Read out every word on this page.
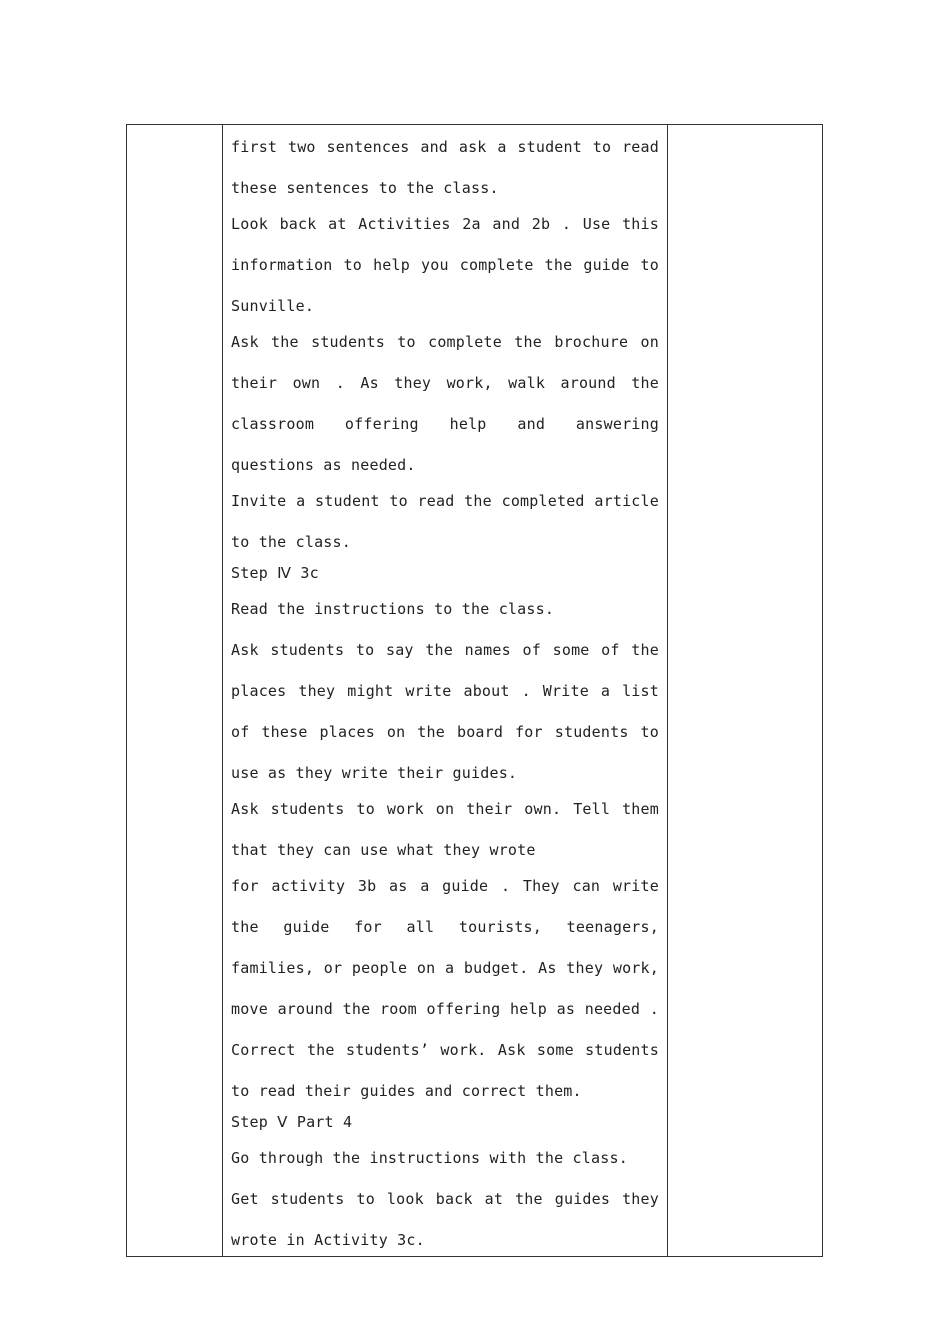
first two sentences and ask a student to read these sentences to the class.

Look back at Activities 2a and 2b . Use this information to help you complete the guide to Sunville.

Ask the students to complete the brochure on their own . As they work, walk around the classroom offering help and answering questions as needed.

Invite a student to read the completed article to the class.

Step Ⅳ 3c

Read the instructions to the class.

Ask students to say the names of some of the places they might write about . Write a list of these places on the board for students to use as they write their guides.

Ask students to work on their own. Tell them that they can use what they wrote

for activity 3b as a guide . They can write the guide for all tourists, teenagers, families, or people on a budget. As they work, move around the room offering help as needed . Correct the students’ work. Ask some students to read their guides and correct them.

Step Ⅴ Part 4

Go through the instructions with the class.

Get students to look back at the guides they wrote in Activity 3c.
